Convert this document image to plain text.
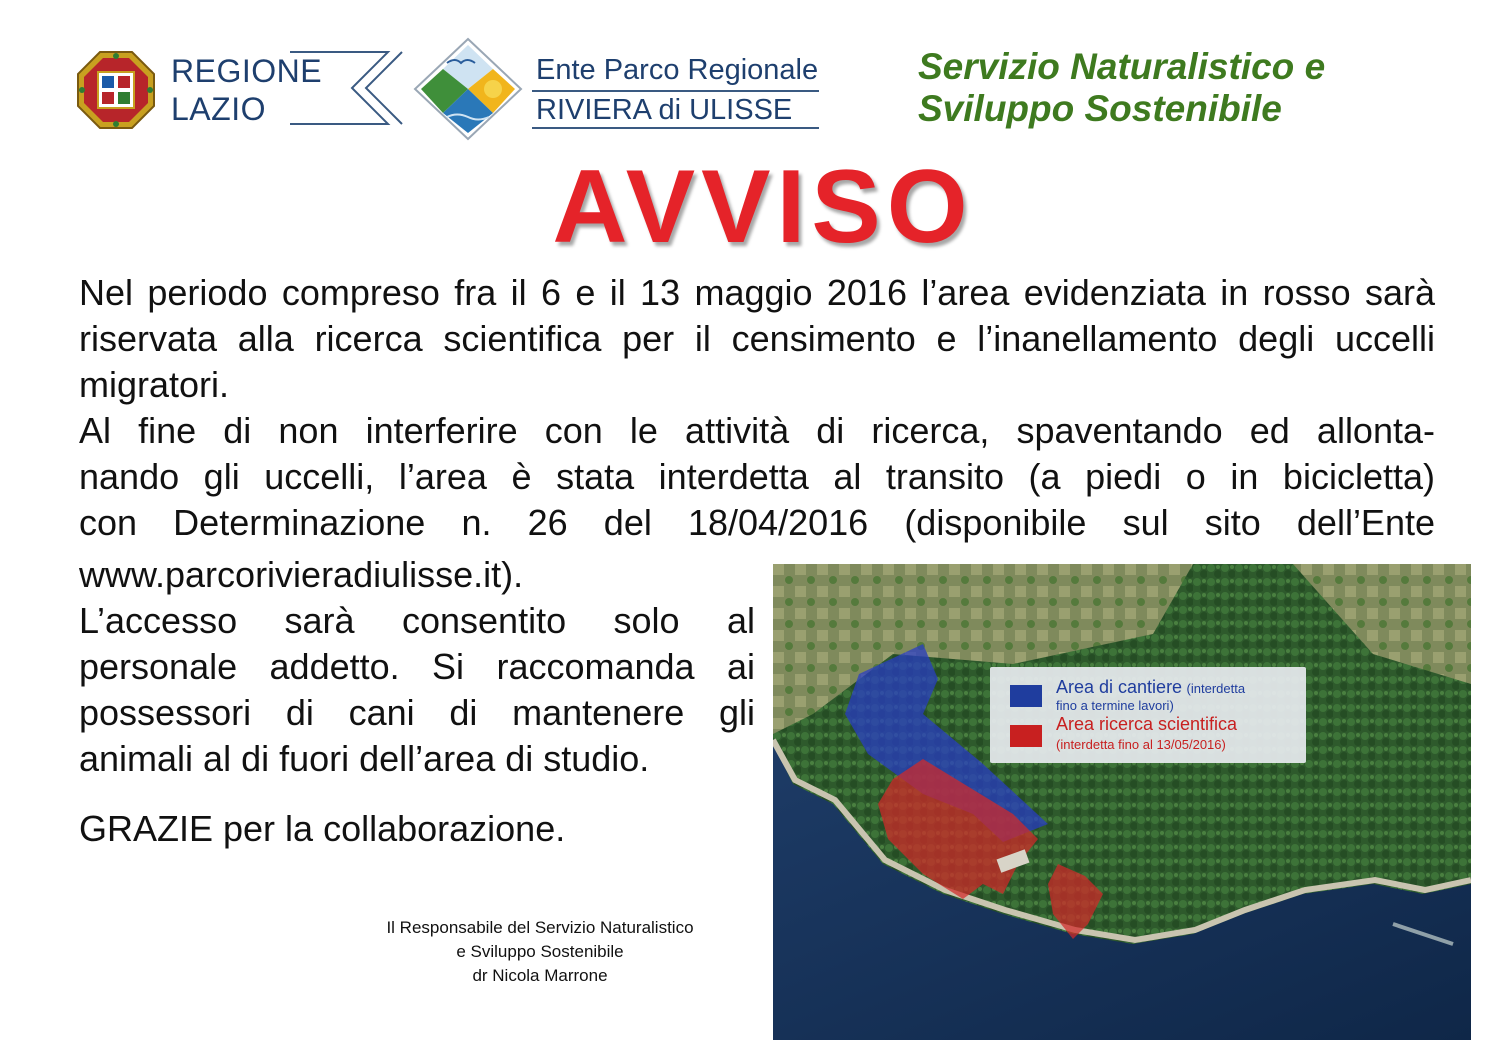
REGIONE
LAZIO
Ente Parco Regionale
RIVIERA di ULISSE
Servizio Naturalistico e
Sviluppo Sostenibile
AVVISO
Nel periodo compreso fra il 6 e il 13 maggio 2016 l’area evidenziata in rosso sarà riservata alla ricerca scientifica per il censimento e l’inanellamento degli uccelli migratori.
Al fine di non interferire con le attività di ricerca, spaventando ed allonta-
nando gli uccelli, l’area è stata interdetta al transito (a piedi o in bicicletta)
con Determinazione n. 26 del 18/04/2016 (disponibile sul sito dell’Ente
www.parcorivieradiulisse.it).
L’accesso sarà consentito solo al personale addetto. Si raccomanda ai possessori di cani di mantenere gli animali al di fuori dell’area di studio.
GRAZIE per la collaborazione.
Il Responsabile del Servizio Naturalistico
e Sviluppo Sostenibile
dr Nicola Marrone
Area di cantiere (interdetta
fino a termine lavori)
Area ricerca scientifica
(interdetta fino al 13/05/2016)
